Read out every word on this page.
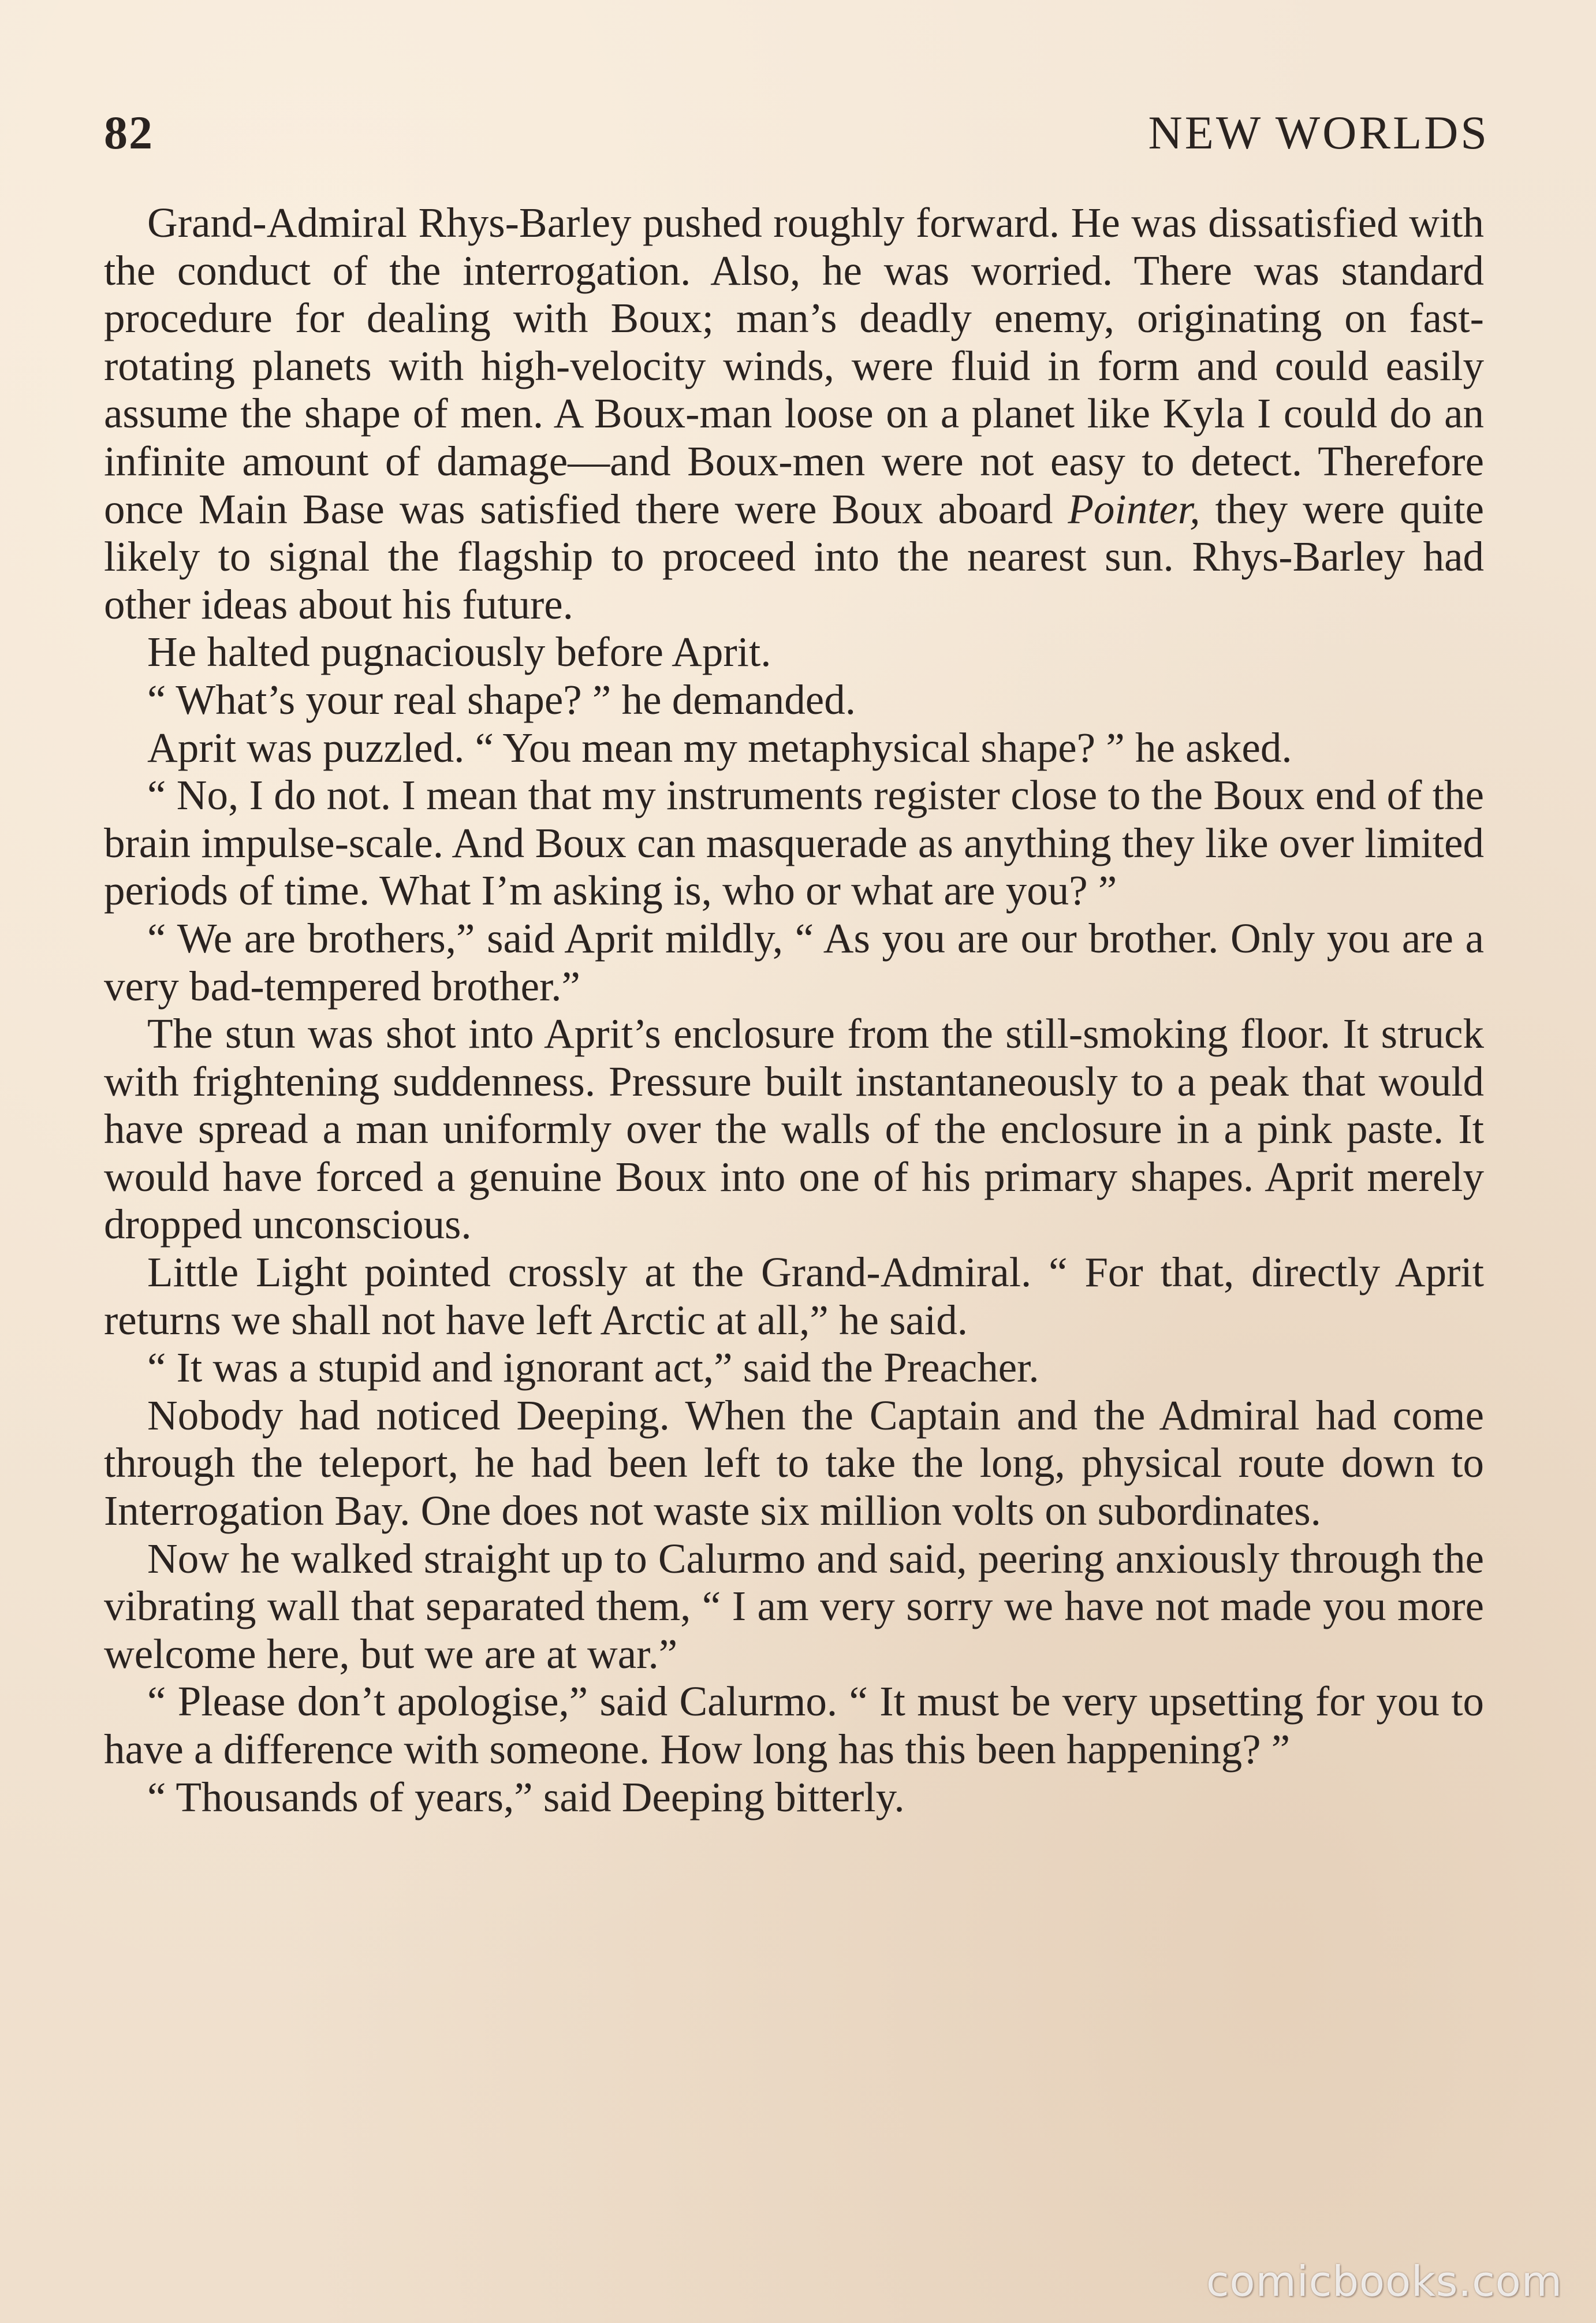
82	NEW WORLDS

Grand-Admiral Rhys-Barley pushed roughly forward. He was dissatisfied with the conduct of the interrogation. Also, he was worried. There was standard procedure for dealing with Boux; man’s deadly enemy, originating on fast-rotating planets with high-velocity winds, were fluid in form and could easily assume the shape of men. A Boux-man loose on a planet like Kyla I could do an infinite amount of damage—and Boux-men were not easy to detect. Therefore once Main Base was satisfied there were Boux aboard Pointer, they were quite likely to signal the flagship to proceed into the nearest sun. Rhys-Barley had other ideas about his future.

He halted pugnaciously before Aprit.

“ What’s your real shape? ” he demanded.

Aprit was puzzled. “ You mean my metaphysical shape? ” he asked.

“ No, I do not. I mean that my instruments register close to the Boux end of the brain impulse-scale. And Boux can masquerade as anything they like over limited periods of time. What I’m asking is, who or what are you? ”

“ We are brothers,” said Aprit mildly, “ As you are our brother. Only you are a very bad-tempered brother.”

The stun was shot into Aprit’s enclosure from the still-smoking floor. It struck with frightening suddenness. Pressure built instantaneously to a peak that would have spread a man uniformly over the walls of the enclosure in a pink paste. It would have forced a genuine Boux into one of his primary shapes. Aprit merely dropped unconscious.

Little Light pointed crossly at the Grand-Admiral. “ For that, directly Aprit returns we shall not have left Arctic at all,” he said.

“ It was a stupid and ignorant act,” said the Preacher.

Nobody had noticed Deeping. When the Captain and the Admiral had come through the teleport, he had been left to take the long, physical route down to Interrogation Bay. One does not waste six million volts on subordinates.

Now he walked straight up to Calurmo and said, peering anxiously through the vibrating wall that separated them, “ I am very sorry we have not made you more welcome here, but we are at war.”

“ Please don’t apologise,” said Calurmo. “ It must be very upsetting for you to have a difference with someone. How long has this been happening? ”

“ Thousands of years,” said Deeping bitterly.

comicbooks.com
